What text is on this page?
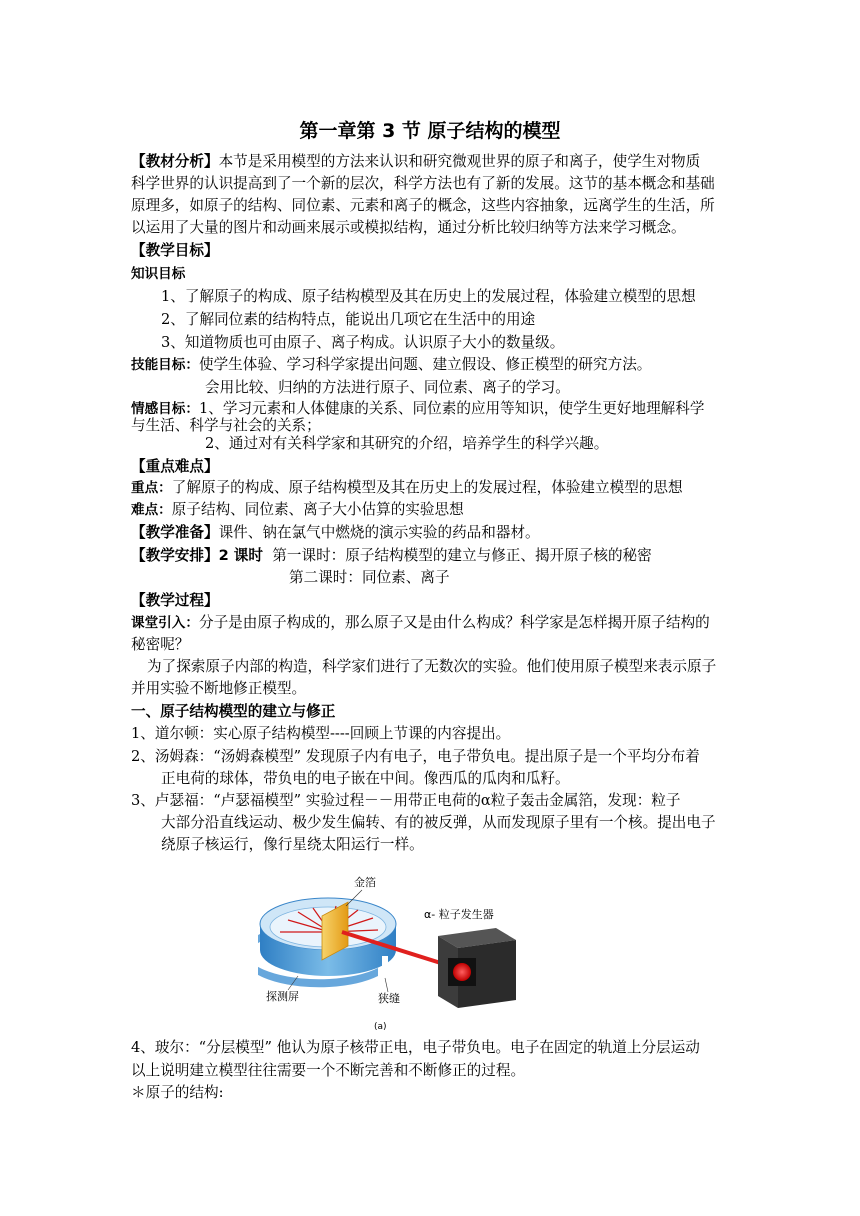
第一章第 3 节 原子结构的模型
【教材分析】本节是采用模型的方法来认识和研究微观世界的原子和离子，使学生对物质
科学世界的认识提高到了一个新的层次，科学方法也有了新的发展。这节的基本概念和基础
原理多，如原子的结构、同位素、元素和离子的概念，这些内容抽象，远离学生的生活，所
以运用了大量的图片和动画来展示或模拟结构，通过分析比较归纳等方法来学习概念。
【教学目标】
知识目标
1、了解原子的构成、原子结构模型及其在历史上的发展过程，体验建立模型的思想
2、了解同位素的结构特点，能说出几项它在生活中的用途
3、知道物质也可由原子、离子构成。认识原子大小的数量级。
技能目标：使学生体验、学习科学家提出问题、建立假设、修正模型的研究方法。
会用比较、归纳的方法进行原子、同位素、离子的学习。
情感目标：1、学习元素和人体健康的关系、同位素的应用等知识，使学生更好地理解科学
与生活、科学与社会的关系；
2、通过对有关科学家和其研究的介绍，培养学生的科学兴趣。
【重点难点】
重点：了解原子的构成、原子结构模型及其在历史上的发展过程，体验建立模型的思想
难点：原子结构、同位素、离子大小估算的实验思想
【教学准备】课件、钠在氯气中燃烧的演示实验的药品和器材。
【教学安排】2 课时 第一课时：原子结构模型的建立与修正、揭开原子核的秘密
第二课时：同位素、离子
【教学过程】
课堂引入：分子是由原子构成的，那么原子又是由什么构成？科学家是怎样揭开原子结构的
秘密呢？
为了探索原子内部的构造，科学家们进行了无数次的实验。他们使用原子模型来表示原子
并用实验不断地修正模型。
一、原子结构模型的建立与修正
1、道尔顿：实心原子结构模型----回顾上节课的内容提出。
2、汤姆森：“汤姆森模型” 发现原子内有电子，电子带负电。提出原子是一个平均分布着
正电荷的球体，带负电的电子嵌在中间。像西瓜的瓜肉和瓜籽。
3、卢瑟福：“卢瑟福模型” 实验过程－－用带正电荷的α粒子轰击金属箔，发现：粒子
大部分沿直线运动、极少发生偏转、有的被反弹，从而发现原子里有一个核。提出电子
绕原子核运行，像行星绕太阳运行一样。
金箔
α- 粒子发生器
探测屏	狭缝
(a)
4、玻尔：“分层模型” 他认为原子核带正电，电子带负电。电子在固定的轨道上分层运动
以上说明建立模型往往需要一个不断完善和不断修正的过程。
＊原子的结构:
